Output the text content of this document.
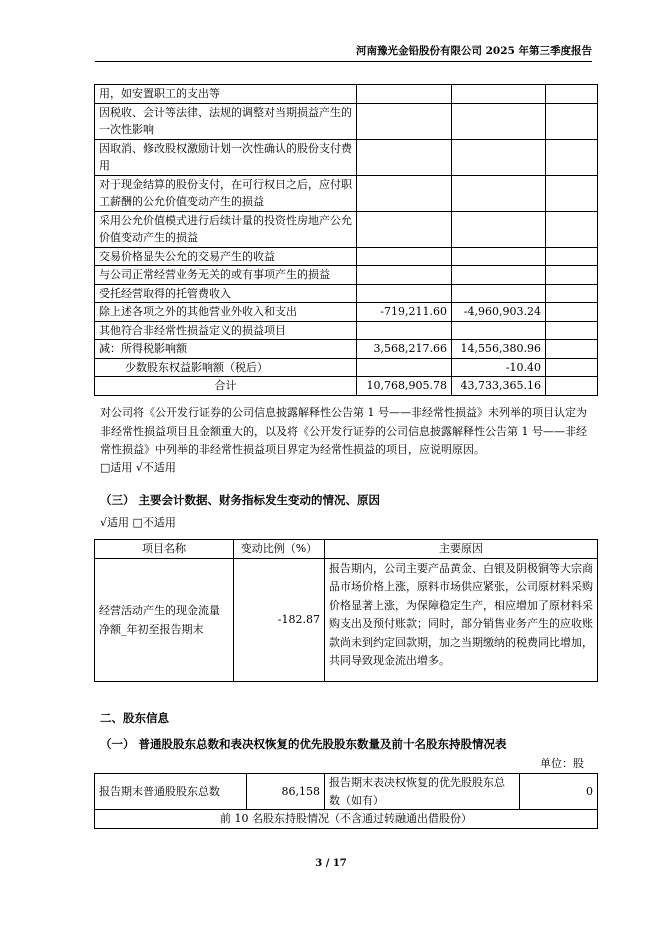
河南豫光金铅股份有限公司 2025 年第三季度报告
用，如安置职工的支出等			
因税收、会计等法律、法规的调整对当期损益产生的一次性影响			
因取消、修改股权激励计划一次性确认的股份支付费用			
对于现金结算的股份支付，在可行权日之后，应付职工薪酬的公允价值变动产生的损益			
采用公允价值模式进行后续计量的投资性房地产公允价值变动产生的损益			
交易价格显失公允的交易产生的收益			
与公司正常经营业务无关的或有事项产生的损益			
受托经营取得的托管费收入			
除上述各项之外的其他营业外收入和支出	-719,211.60	-4,960,903.24	
其他符合非经常性损益定义的损益项目			
减：所得税影响额	3,568,217.66	14,556,380.96	
少数股东权益影响额（税后）		-10.40	
合计	10,768,905.78	43,733,365.16	
对公司将《公开发行证券的公司信息披露解释性公告第 1 号——非经常性损益》未列举的项目认定为非经常性损益项目且金额重大的，以及将《公开发行证券的公司信息披露解释性公告第 1 号——非经常性损益》中列举的非经常性损益项目界定为经常性损益的项目，应说明原因。
□适用 √不适用
（三） 主要会计数据、财务指标发生变动的情况、原因
√适用 □不适用
项目名称	变动比例（%）	主要原因
经营活动产生的现金流量净额_年初至报告期末	-182.87	报告期内，公司主要产品黄金、白银及阴极铜等大宗商品市场价格上涨，原料市场供应紧张，公司原材料采购价格显著上涨，为保障稳定生产，相应增加了原材料采购支出及预付账款；同时，部分销售业务产生的应收账款尚未到约定回款期，加之当期缴纳的税费同比增加，共同导致现金流出增多。
二、股东信息
（一） 普通股股东总数和表决权恢复的优先股股东数量及前十名股东持股情况表
单位：股
报告期末普通股股东总数	86,158	报告期末表决权恢复的优先股股东总数（如有）	0
前 10 名股东持股情况（不含通过转融通出借股份）
3 / 17
